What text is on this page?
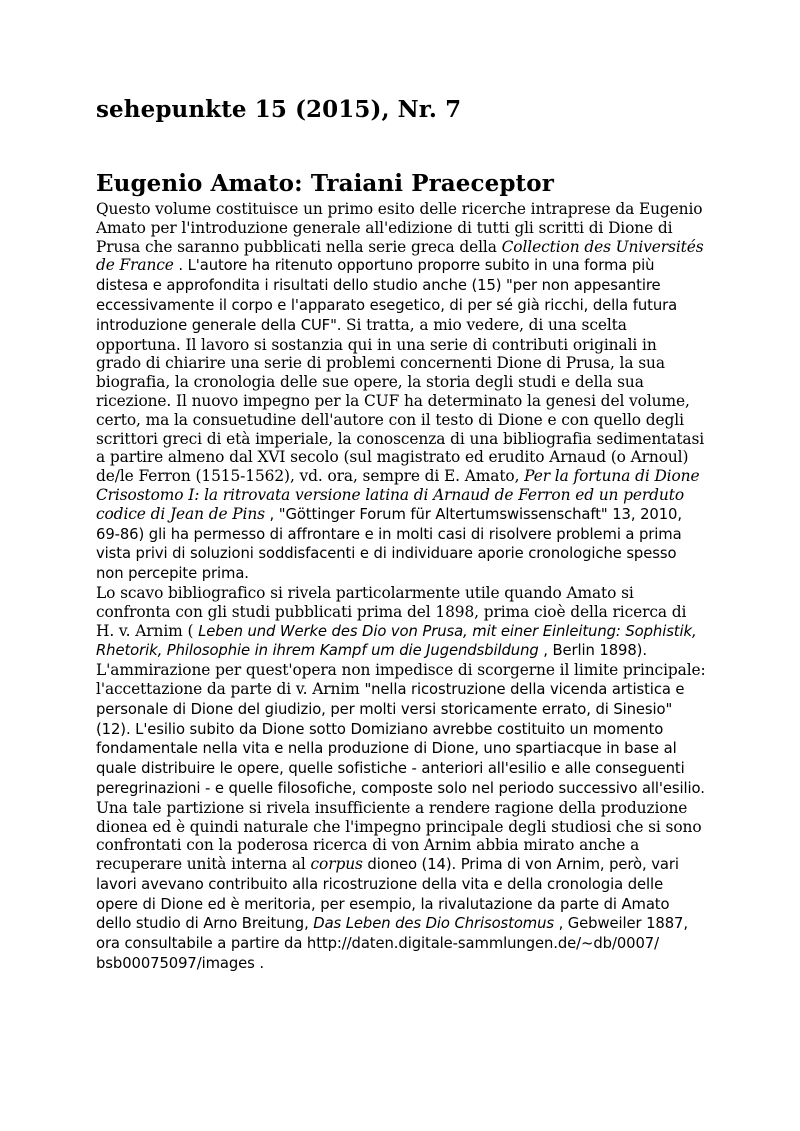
sehepunkte 15 (2015), Nr. 7
Eugenio Amato: Traiani Praeceptor

Questo volume costituisce un primo esito delle ricerche intraprese da Eugenio Amato per l'introduzione generale all'edizione di tutti gli scritti di Dione di Prusa che saranno pubblicati nella serie greca della Collection des Universités de France . L'autore ha ritenuto opportuno proporre subito in una forma più distesa e approfondita i risultati dello studio anche (15) "per non appesantire eccessivamente il corpo e l'apparato esegetico, di per sé già ricchi, della futura introduzione generale della CUF". Si tratta, a mio vedere, di una scelta opportuna. Il lavoro si sostanzia qui in una serie di contributi originali in grado di chiarire una serie di problemi concernenti Dione di Prusa, la sua biografia, la cronologia delle sue opere, la storia degli studi e della sua ricezione. Il nuovo impegno per la CUF ha determinato la genesi del volume, certo, ma la consuetudine dell'autore con il testo di Dione e con quello degli scrittori greci di età imperiale, la conoscenza di una bibliografia sedimentatasi a partire almeno dal XVI secolo (sul magistrato ed erudito Arnaud (o Arnoul) de/le Ferron (1515-1562), vd. ora, sempre di E. Amato, Per la fortuna di Dione Crisostomo I: la ritrovata versione latina di Arnaud de Ferron ed un perduto codice di Jean de Pins , "Göttinger Forum für Altertumswissenschaft" 13, 2010, 69-86) gli ha permesso di affrontare e in molti casi di risolvere problemi a prima vista privi di soluzioni soddisfacenti e di individuare aporie cronologiche spesso non percepite prima.

Lo scavo bibliografico si rivela particolarmente utile quando Amato si confronta con gli studi pubblicati prima del 1898, prima cioè della ricerca di H. v. Arnim ( Leben und Werke des Dio von Prusa, mit einer Einleitung: Sophistik, Rhetorik, Philosophie in ihrem Kampf um die Jugendsbildung , Berlin 1898). L'ammirazione per quest'opera non impedisce di scorgerne il limite principale: l'accettazione da parte di v. Arnim "nella ricostruzione della vicenda artistica e personale di Dione del giudizio, per molti versi storicamente errato, di Sinesio" (12). L'esilio subito da Dione sotto Domiziano avrebbe costituito un momento fondamentale nella vita e nella produzione di Dione, uno spartiacque in base al quale distribuire le opere, quelle sofistiche - anteriori all'esilio e alle conseguenti peregrinazioni - e quelle filosofiche, composte solo nel periodo successivo all'esilio.

Una tale partizione si rivela insufficiente a rendere ragione della produzione dionea ed è quindi naturale che l'impegno principale degli studiosi che si sono confrontati con la poderosa ricerca di von Arnim abbia mirato anche a recuperare unità interna al corpus dioneo (14). Prima di von Arnim, però, vari lavori avevano contribuito alla ricostruzione della vita e della cronologia delle opere di Dione ed è meritoria, per esempio, la rivalutazione da parte di Amato dello studio di Arno Breitung, Das Leben des Dio Chrisostomus , Gebweiler 1887, ora consultabile a partire da http://daten.digitale-sammlungen.de/~db/0007/ bsb00075097/images .
